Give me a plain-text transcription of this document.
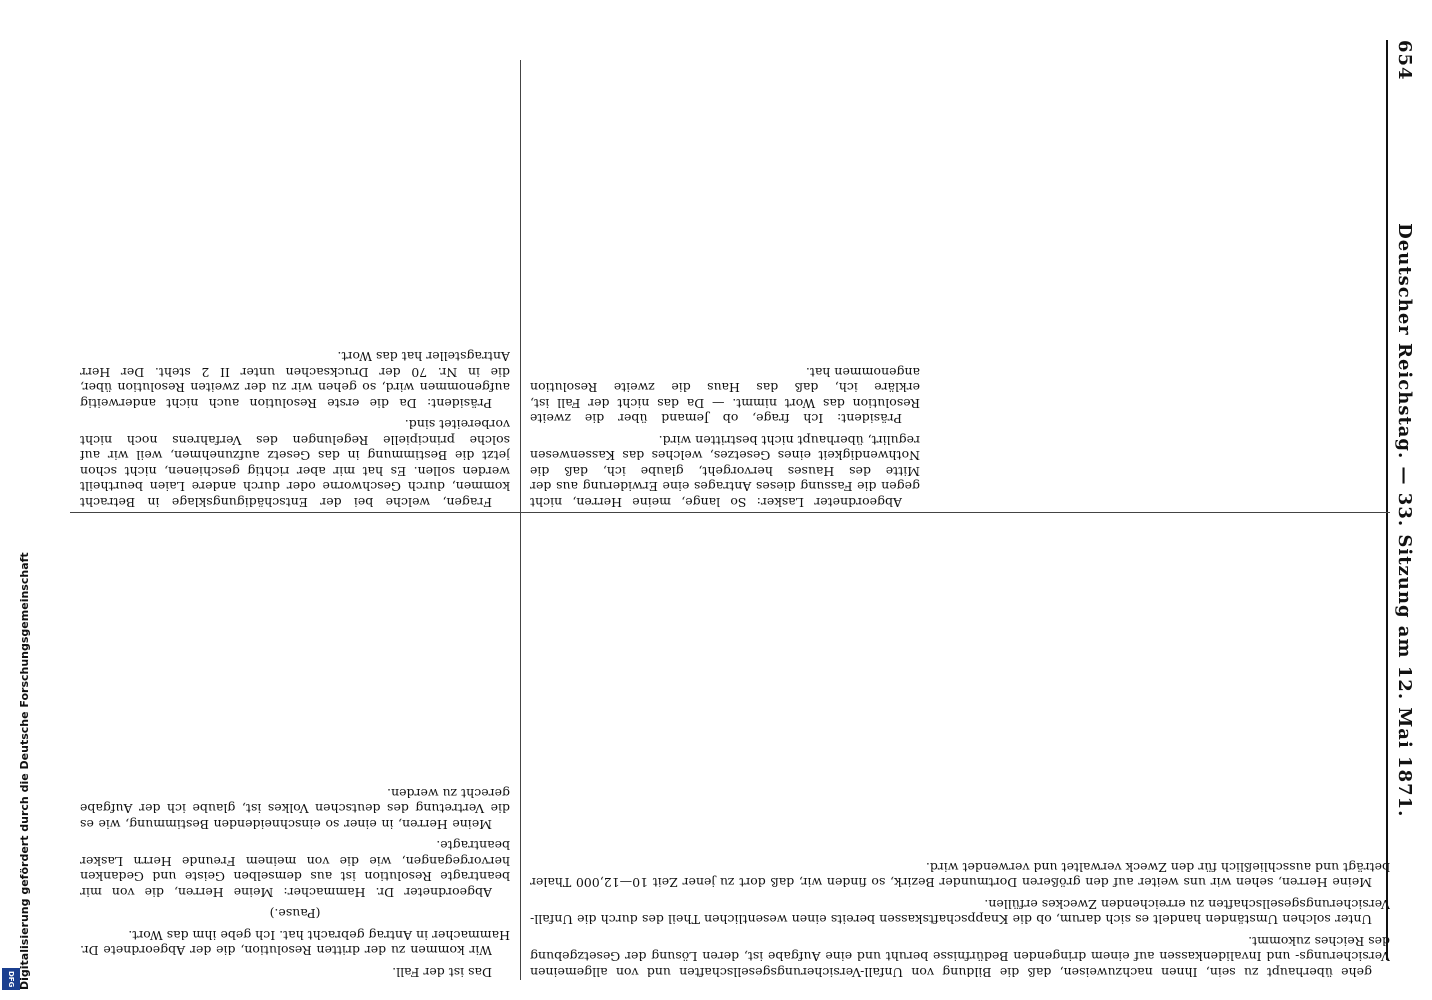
654
Deutscher Reichstag. — 33. Sitzung am 12. Mai 1871.

Fragen, welche bei der Entschädigungsklage in Betracht kommen, durch Geschworne oder durch andere Laien beurtheilt werden sollen. Es hat mir aber richtig geschienen, nicht schon jetzt die Bestimmung in das Gesetz aufzunehmen, weil wir auf solche principielle Regelungen des Verfahrens noch nicht vorbereitet sind.

Präsident: Da die erste Resolution auch nicht anderweitig aufgenommen wird, so gehen wir zu der zweiten Resolution über, die in Nr. 70 der Drucksachen unter II 2 steht. Der Herr Antragsteller hat das Wort.

Abgeordneter Lasker: So lange, meine Herren, nicht gegen die Fassung dieses Antrages eine Erwiderung aus der Mitte des Hauses hervorgeht, glaube ich, daß die Nothwendigkeit eines Gesetzes, welches das Kassenwesen regulirt, überhaupt nicht bestritten wird.

Präsident: Ich frage, ob Jemand über die zweite Resolution das Wort nimmt. — Da das nicht der Fall ist, erkläre ich, daß das Haus die zweite Resolution angenommen hat.

Das ist der Fall.

Wir kommen zu der dritten Resolution, die der Abgeordnete Dr. Hammacher in Antrag gebracht hat. Ich gebe ihm das Wort.

(Pause.)

Abgeordneter Dr. Hammacher: Meine Herren, die von mir beantragte Resolution ist aus demselben Geiste und Gedanken hervorgegangen, wie die von meinem Freunde Herrn Lasker beantragte.

Meine Herren, in einer so einschneidenden Bestimmung, wie es die Vertretung des deutschen Volkes ist, glaube ich der Aufgabe gerecht zu werden.

gehe überhaupt zu sein, Ihnen nachzuweisen, daß die Bildung von Unfall-Versicherungsgesellschaften und von allgemeinen Versicherungs- und Invalidenkassen auf einem dringenden Bedürfnisse beruht und eine Aufgabe ist, deren Lösung der Gesetzgebung des Reiches zukommt.

Unter solchen Umständen handelt es sich darum, ob die Knappschaftskassen bereits einen wesentlichen Theil des durch die Unfall-Versicherungsgesellschaften zu erreichenden Zweckes erfüllen.

Meine Herren, sehen wir uns weiter auf den größeren Dortmunder Bezirk, so finden wir, daß dort zu jener Zeit 10—12,000 Thaler beträgt und ausschließlich für den Zweck verwaltet und verwendet wird.

DFG Digitalisierung gefördert durch die Deutsche Forschungsgemeinschaft
